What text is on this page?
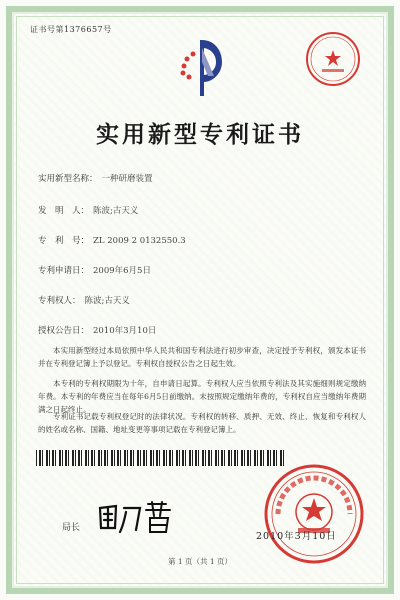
证书号第1376657号
实用新型专利证书
实用新型名称： 一种研磨装置
发　明　人： 陈波;古天义
专　利　号： ZL 2009 2 0132550.3
专利申请日： 2009年6月5日
专利权人： 陈波;古天义
授权公告日： 2010年3月10日

本实用新型经过本局依照中华人民共和国专利法进行初步审查，决定授予专利权，颁发本证书并在专利登记簿上予以登记。专利权自授权公告之日起生效。

本专利的专利权期限为十年，自申请日起算。专利权人应当依照专利法及其实施细则规定缴纳年费。本专利的年费应当在每年6月5日前缴纳。未按照规定缴纳年费的，专利权自应当缴纳年费期满之日起终止。

专利证书记载专利权登记时的法律状况。专利权的转移、质押、无效、终止、恢复和专利权人的姓名或名称、国籍、地址变更等事项记载在专利登记簿上。

局长
2010年3月10日
第 1 页（共 1 页）
